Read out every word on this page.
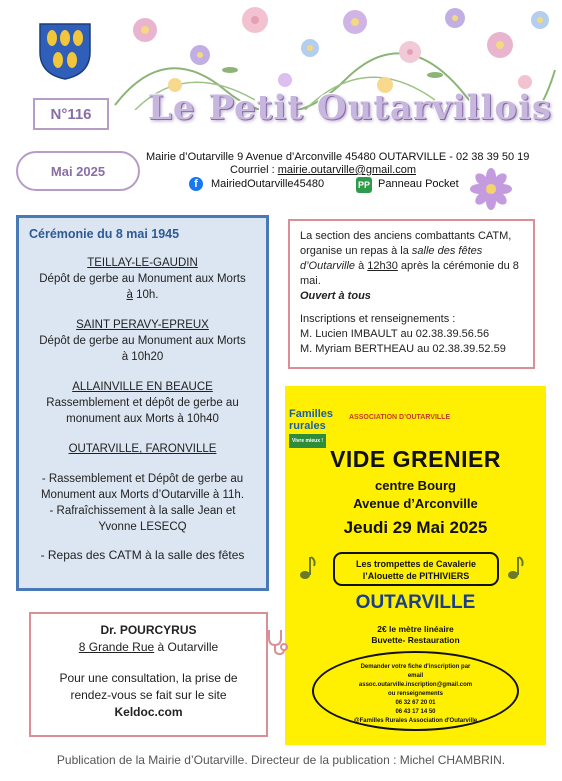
N°116	Le Petit Outarvillois
Mai 2025
Mairie d’Outarville 9 Avenue d’Arconville 45480 OUTARVILLE - 02 38 39 50 19
Courriel : mairie.outarville@gmail.com
f	MairiedOutarville45480	PP Panneau Pocket
Cérémonie du 8 mai 1945
TEILLAY-LE-GAUDIN
Dépôt de gerbe au Monument aux Morts
à 10h.
SAINT PERAVY-EPREUX
Dépôt de gerbe au Monument aux Morts
à 10h20
ALLAINVILLE EN BEAUCE
Rassemblement et dépôt de gerbe au
monument aux Morts à 10h40
OUTARVILLE, FARONVILLE
- Rassemblement et Dépôt de gerbe au Monument aux Morts d’Outarville à 11h.
- Rafraîchissement à la salle Jean et Yvonne LESECQ
- Repas des CATM à la salle des fêtes
La section des anciens combattants CATM, organise un repas à la salle des fêtes d’Outarville à 12h30 après la cérémonie du 8 mai.
Ouvert à tous
Inscriptions et renseignements :
M. Lucien IMBAULT au 02.38.39.56.56
M. Myriam BERTHEAU au 02.38.39.52.59
Familles
rurales
Vivre mieux !
ASSOCIATION D’OUTARVILLE
VIDE GRENIER
centre Bourg
Avenue d’Arconville
Jeudi 29 Mai 2025
Les trompettes de Cavalerie
l’Alouette de PITHIVIERS
OUTARVILLE
2€ le mètre linéaire
Buvette- Restauration
Demander votre fiche d'inscription par
email
assoc.outarville.inscription@gmail.com
ou renseignements
06 32 67 20 01
06 43 17 14 50
@Familles Rurales Association d'Outarville
Dr. POURCYRUS
8 Grande Rue à Outarville
Pour une consultation, la prise de rendez-vous se fait sur le site
Keldoc.com
Publication de la Mairie d’Outarville. Directeur de la publication : Michel CHAMBRIN.
